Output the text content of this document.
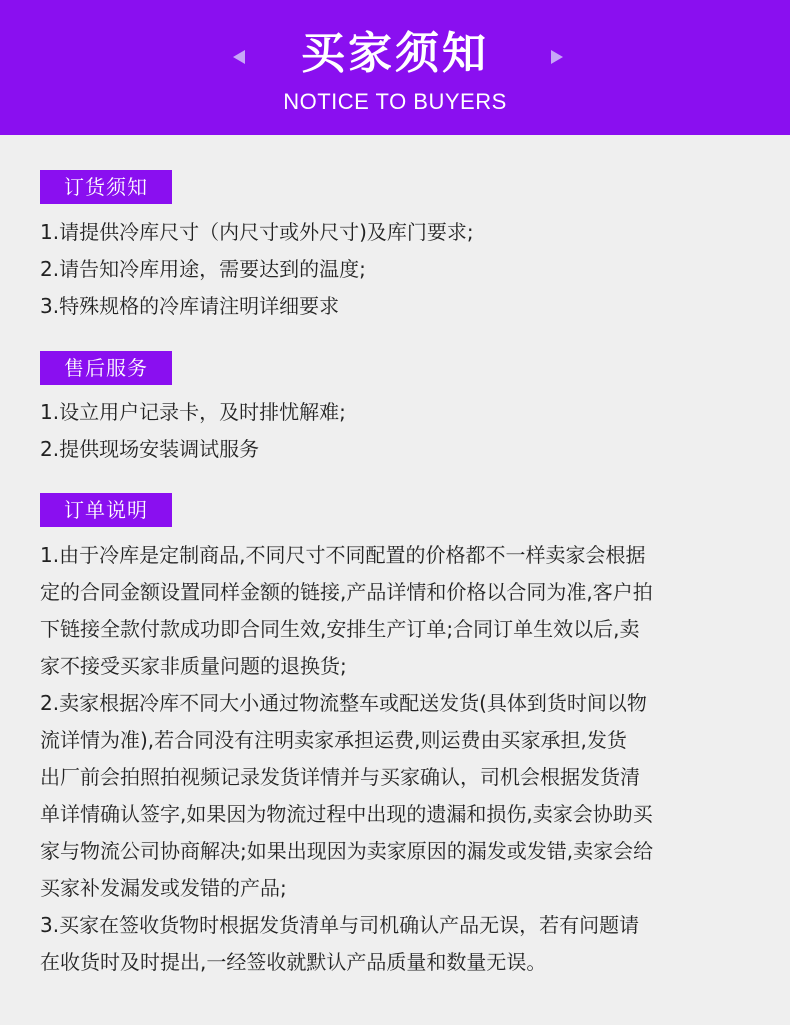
买家须知
NOTICE TO BUYERS
订货须知
1.请提供冷库尺寸（内尺寸或外尺寸)及库门要求;
2.请告知冷库用途，需要达到的温度;
3.特殊规格的冷库请注明详细要求
售后服务
1.设立用户记录卡，及时排忧解难;
2.提供现场安装调试服务
订单说明
1.由于冷库是定制商品,不同尺寸不同配置的价格都不一样卖家会根据
定的合同金额设置同样金额的链接,产品详情和价格以合同为准,客户拍
下链接全款付款成功即合同生效,安排生产订单;合同订单生效以后,卖
家不接受买家非质量问题的退换货;
2.卖家根据冷库不同大小通过物流整车或配送发货(具体到货时间以物
流详情为准),若合同没有注明卖家承担运费,则运费由买家承担,发货
出厂前会拍照拍视频记录发货详情并与买家确认，司机会根据发货清
单详情确认签字,如果因为物流过程中出现的遗漏和损伤,卖家会协助买
家与物流公司协商解决;如果出现因为卖家原因的漏发或发错,卖家会给
买家补发漏发或发错的产品;
3.买家在签收货物时根据发货清单与司机确认产品无误，若有问题请
在收货时及时提出,一经签收就默认产品质量和数量无误。
